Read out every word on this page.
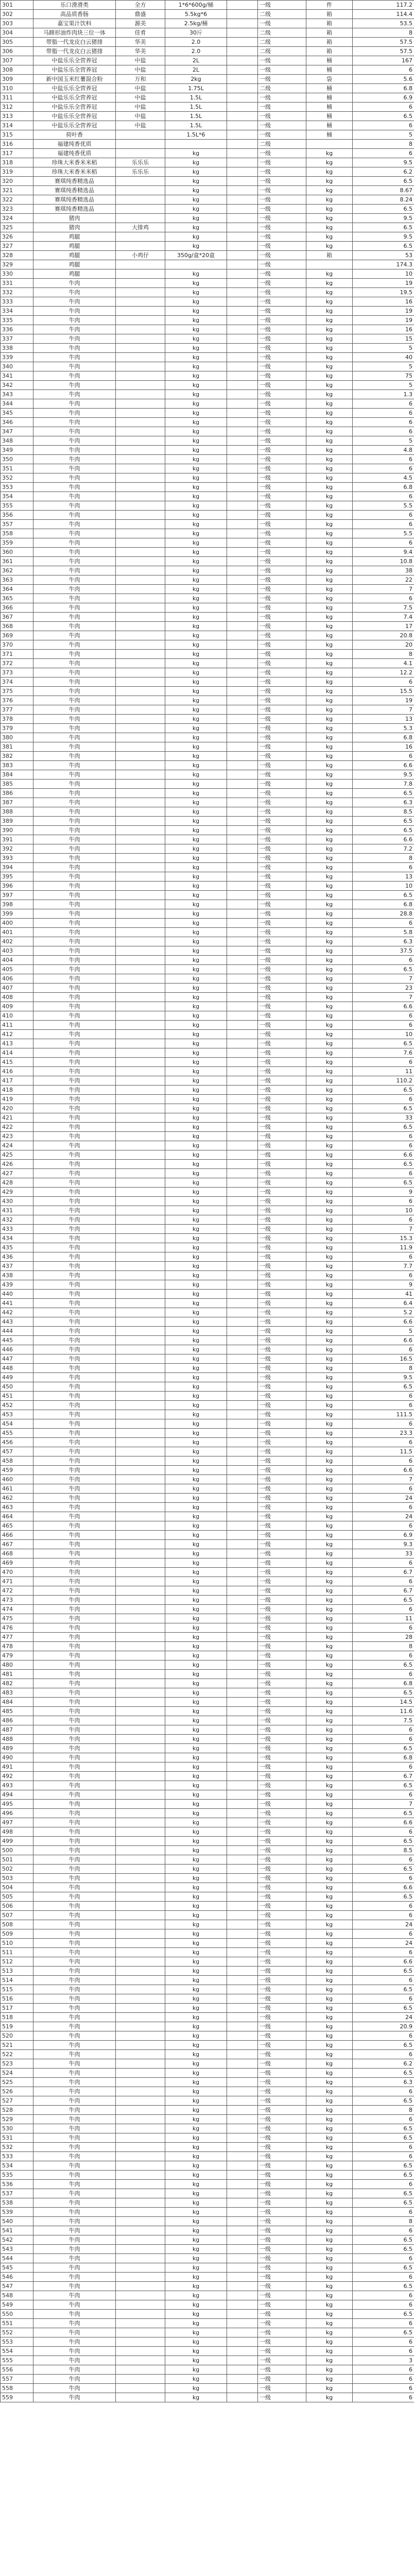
301	乐口滑滑类	全方	1*6*600g/桶		一级	件	117.2
302	高品质香肠	鼎盛	5.5kg*6		二级	箱	114.4
303	嘉宝果汁饮料	源美	2.5kg/桶		一级	箱	53.5
304	马蹄形油炸肉块三位一体	佳肴	30斤		二级	箱	8
305	带脂一代龙皮白云猪排	华美	2.0		二级	箱	57.5
306	带脂一代龙皮白云猪排	华美	2.0		二级	箱	57.5
307	中盐乐乐全营养冠	中盐	2L		一级	桶	167
308	中盐乐乐全营养冠	中盐	2L		一级	桶	6
309	新中国玉米红薯混合粉	万和	2kg		一级	袋	5.6
310	中盐乐乐全营养冠	中盐	1.75L		二级	桶	6.8
311	中盐乐乐全营养冠	中盐	1.5L		一级	桶	6.9
312	中盐乐乐全营养冠	中盐	1.5L		一级	桶	6
313	中盐乐乐全营养冠	中盐	1.5L		一级	桶	6.5
314	中盐乐乐全营养冠	中盐	1.5L		一级	桶	6
315	荷叶香		1.5L*6		一级	桶	5
316	福建纯香优质				二级		8
317	福建纯香优质		kg		一级	kg	6
318	珍珠大米香米米稻	乐乐乐	kg		一级	kg	9.5
319	珍珠大米香米米稻	乐乐乐	kg		一级	kg	6.2
320	赛琪纯香精选品		kg		一级	kg	6.5
321	赛琪纯香精选品		kg		一级	kg	8.67
322	赛琪纯香精选品		kg		一级	kg	8.24
323	赛琪纯香精选品		kg		一级	kg	6.5
324	猪肉		kg		一级	kg	9.5
325	猪肉	大排鸡	kg		一级	kg	6.5
326	鸡腿		kg		一级	kg	9.5
327	鸡腿		kg		一级	kg	6.5
328	鸡腿	小鸡仔	350g/盒*20盒		一级	箱	53
329	鸡腿				一级		174.3
330	鸡腿		kg		一级	kg	10
331	牛肉		kg		一级	kg	19
332	牛肉		kg		一级	kg	19.5
333	牛肉		kg		一级	kg	16
334	牛肉		kg		一级	kg	19
335	牛肉		kg		一级	kg	19
336	牛肉		kg		一级	kg	16
337	牛肉		kg		一级	kg	15
338	牛肉		kg		一级	kg	5
339	牛肉		kg		一级	kg	40
340	牛肉		kg		一级	kg	5
341	牛肉		kg		一级	kg	75
342	牛肉		kg		一级	kg	5
343	牛肉		kg		一级	kg	1.3
344	牛肉		kg		一级	kg	6
345	牛肉		kg		一级	kg	6
346	牛肉		kg		一级	kg	6
347	牛肉		kg		一级	kg	6
348	牛肉		kg		一级	kg	5
349	牛肉		kg		一级	kg	4.8
350	牛肉		kg		一级	kg	6
351	牛肉		kg		一级	kg	6
352	牛肉		kg		一级	kg	4.5
353	牛肉		kg		一级	kg	6.8
354	牛肉		kg		一级	kg	6
355	牛肉		kg		一级	kg	5.5
356	牛肉		kg		一级	kg	6
357	牛肉		kg		一级	kg	6
358	牛肉		kg		一级	kg	5.5
359	牛肉		kg		一级	kg	6
360	牛肉		kg		一级	kg	9.4
361	牛肉		kg		一级	kg	10.8
362	牛肉		kg		一级	kg	38
363	牛肉		kg		一级	kg	22
364	牛肉		kg		一级	kg	7
365	牛肉		kg		一级	kg	6
366	牛肉		kg		一级	kg	7.5
367	牛肉		kg		一级	kg	7.4
368	牛肉		kg		一级	kg	17
369	牛肉		kg		一级	kg	20.8
370	牛肉		kg		一级	kg	20
371	牛肉		kg		一级	kg	8
372	牛肉		kg		一级	kg	4.1
373	牛肉		kg		一级	kg	12.2
374	牛肉		kg		一级	kg	6
375	牛肉		kg		一级	kg	15.5
376	牛肉		kg		一级	kg	19
377	牛肉		kg		一级	kg	7
378	牛肉		kg		一级	kg	13
379	牛肉		kg		一级	kg	5.3
380	牛肉		kg		一级	kg	6.8
381	牛肉		kg		一级	kg	16
382	牛肉		kg		一级	kg	6
383	牛肉		kg		一级	kg	6.6
384	牛肉		kg		一级	kg	9.5
385	牛肉		kg		一级	kg	7.8
386	牛肉		kg		一级	kg	6.5
387	牛肉		kg		一级	kg	6.3
388	牛肉		kg		一级	kg	8.5
389	牛肉		kg		一级	kg	6.5
390	牛肉		kg		一级	kg	6.5
391	牛肉		kg		一级	kg	6.6
392	牛肉		kg		一级	kg	7.2
393	牛肉		kg		一级	kg	8
394	牛肉		kg		一级	kg	6
395	牛肉		kg		一级	kg	13
396	牛肉		kg		一级	kg	10
397	牛肉		kg		一级	kg	6.5
398	牛肉		kg		一级	kg	6.8
399	牛肉		kg		一级	kg	28.8
400	牛肉		kg		一级	kg	6
401	牛肉		kg		一级	kg	5.8
402	牛肉		kg		一级	kg	6.3
403	牛肉		kg		一级	kg	37.5
404	牛肉		kg		一级	kg	6
405	牛肉		kg		一级	kg	6.5
406	牛肉		kg		一级	kg	7
407	牛肉		kg		一级	kg	23
408	牛肉		kg		一级	kg	7
409	牛肉		kg		一级	kg	6.6
410	牛肉		kg		一级	kg	6
411	牛肉		kg		一级	kg	6
412	牛肉		kg		一级	kg	10
413	牛肉		kg		一级	kg	6.5
414	牛肉		kg		一级	kg	7.6
415	牛肉		kg		一级	kg	6
416	牛肉		kg		一级	kg	11
417	牛肉		kg		一级	kg	110.2
418	牛肉		kg		一级	kg	6.5
419	牛肉		kg		一级	kg	6
420	牛肉		kg		一级	kg	6.5
421	牛肉		kg		一级	kg	33
422	牛肉		kg		一级	kg	6.5
423	牛肉		kg		一级	kg	6
424	牛肉		kg		一级	kg	6
425	牛肉		kg		一级	kg	6.6
426	牛肉		kg		一级	kg	6.5
427	牛肉		kg		一级	kg	6
428	牛肉		kg		一级	kg	6.5
429	牛肉		kg		一级	kg	9
430	牛肉		kg		一级	kg	6
431	牛肉		kg		一级	kg	10
432	牛肉		kg		一级	kg	6
433	牛肉		kg		一级	kg	7
434	牛肉		kg		一级	kg	15.3
435	牛肉		kg		一级	kg	11.9
436	牛肉		kg		一级	kg	6
437	牛肉		kg		一级	kg	7.7
438	牛肉		kg		一级	kg	6
439	牛肉		kg		一级	kg	9
440	牛肉		kg		一级	kg	41
441	牛肉		kg		一级	kg	6.4
442	牛肉		kg		一级	kg	5.2
443	牛肉		kg		一级	kg	6.6
444	牛肉		kg		一级	kg	5
445	牛肉		kg		一级	kg	6.6
446	牛肉		kg		一级	kg	6
447	牛肉		kg		一级	kg	16.5
448	牛肉		kg		一级	kg	8
449	牛肉		kg		一级	kg	9.5
450	牛肉		kg		一级	kg	6.5
451	牛肉		kg		一级	kg	6
452	牛肉		kg		一级	kg	6
453	牛肉		kg		一级	kg	111.5
454	牛肉		kg		一级	kg	6
455	牛肉		kg		一级	kg	23.3
456	牛肉		kg		一级	kg	6
457	牛肉		kg		一级	kg	11.5
458	牛肉		kg		一级	kg	6
459	牛肉		kg		一级	kg	6.6
460	牛肉		kg		一级	kg	7
461	牛肉		kg		一级	kg	6
462	牛肉		kg		一级	kg	24
463	牛肉		kg		一级	kg	6
464	牛肉		kg		一级	kg	24
465	牛肉		kg		一级	kg	6
466	牛肉		kg		一级	kg	6.9
467	牛肉		kg		一级	kg	9.3
468	牛肉		kg		一级	kg	33
469	牛肉		kg		一级	kg	6
470	牛肉		kg		一级	kg	6.7
471	牛肉		kg		一级	kg	6
472	牛肉		kg		一级	kg	6.7
473	牛肉		kg		一级	kg	6.5
474	牛肉		kg		一级	kg	6
475	牛肉		kg		一级	kg	11
476	牛肉		kg		一级	kg	6
477	牛肉		kg		一级	kg	28
478	牛肉		kg		一级	kg	8
479	牛肉		kg		一级	kg	6
480	牛肉		kg		一级	kg	6.5
481	牛肉		kg		一级	kg	6
482	牛肉		kg		一级	kg	6.8
483	牛肉		kg		一级	kg	6.5
484	牛肉		kg		一级	kg	14.5
485	牛肉		kg		一级	kg	11.6
486	牛肉		kg		一级	kg	7.5
487	牛肉		kg		一级	kg	6
488	牛肉		kg		一级	kg	6
489	牛肉		kg		一级	kg	6.5
490	牛肉		kg		一级	kg	6.8
491	牛肉		kg		一级	kg	6
492	牛肉		kg		一级	kg	6.7
493	牛肉		kg		一级	kg	6.5
494	牛肉		kg		一级	kg	6
495	牛肉		kg		一级	kg	7
496	牛肉		kg		一级	kg	6.5
497	牛肉		kg		一级	kg	6.6
498	牛肉		kg		一级	kg	6
499	牛肉		kg		一级	kg	6.5
500	牛肉		kg		一级	kg	8.5
501	牛肉		kg		一级	kg	6
502	牛肉		kg		一级	kg	6.5
503	牛肉		kg		一级	kg	6
504	牛肉		kg		一级	kg	6.6
505	牛肉		kg		一级	kg	6.5
506	牛肉		kg		一级	kg	6
507	牛肉		kg		一级	kg	6
508	牛肉		kg		一级	kg	24
509	牛肉		kg		一级	kg	6
510	牛肉		kg		一级	kg	24
511	牛肉		kg		一级	kg	6
512	牛肉		kg		一级	kg	6.6
513	牛肉		kg		一级	kg	6.5
514	牛肉		kg		一级	kg	6
515	牛肉		kg		一级	kg	6.5
516	牛肉		kg		一级	kg	6
517	牛肉		kg		一级	kg	6.5
518	牛肉		kg		一级	kg	24
519	牛肉		kg		一级	kg	20.9
520	牛肉		kg		一级	kg	6
521	牛肉		kg		一级	kg	6.5
522	牛肉		kg		一级	kg	6
523	牛肉		kg		一级	kg	6.2
524	牛肉		kg		一级	kg	6.5
525	牛肉		kg		一级	kg	6.3
526	牛肉		kg		一级	kg	6
527	牛肉		kg		一级	kg	6.5
528	牛肉		kg		一级	kg	8
529	牛肉		kg		一级	kg	6
530	牛肉		kg		一级	kg	6.5
531	牛肉		kg		一级	kg	6.5
532	牛肉		kg		一级	kg	6
533	牛肉		kg		一级	kg	6
534	牛肉		kg		一级	kg	6.5
535	牛肉		kg		一级	kg	6.5
536	牛肉		kg		一级	kg	6
537	牛肉		kg		一级	kg	6.5
538	牛肉		kg		一级	kg	6.5
539	牛肉		kg		一级	kg	6
540	牛肉		kg		一级	kg	8
541	牛肉		kg		一级	kg	6
542	牛肉		kg		一级	kg	6.5
543	牛肉		kg		一级	kg	6.5
544	牛肉		kg		一级	kg	6
545	牛肉		kg		一级	kg	6.5
546	牛肉		kg		一级	kg	6
547	牛肉		kg		一级	kg	6.5
548	牛肉		kg		一级	kg	6
549	牛肉		kg		一级	kg	6
550	牛肉		kg		一级	kg	6.5
551	牛肉		kg		一级	kg	6
552	牛肉		kg		一级	kg	6.5
553	牛肉		kg		一级	kg	6
554	牛肉		kg		一级	kg	6
555	牛肉		kg		一级	kg	3
556	牛肉		kg		一级	kg	6
557	牛肉		kg		一级	kg	6
558	牛肉		kg		一级	kg	6
559	牛肉		kg		一级	kg	6
